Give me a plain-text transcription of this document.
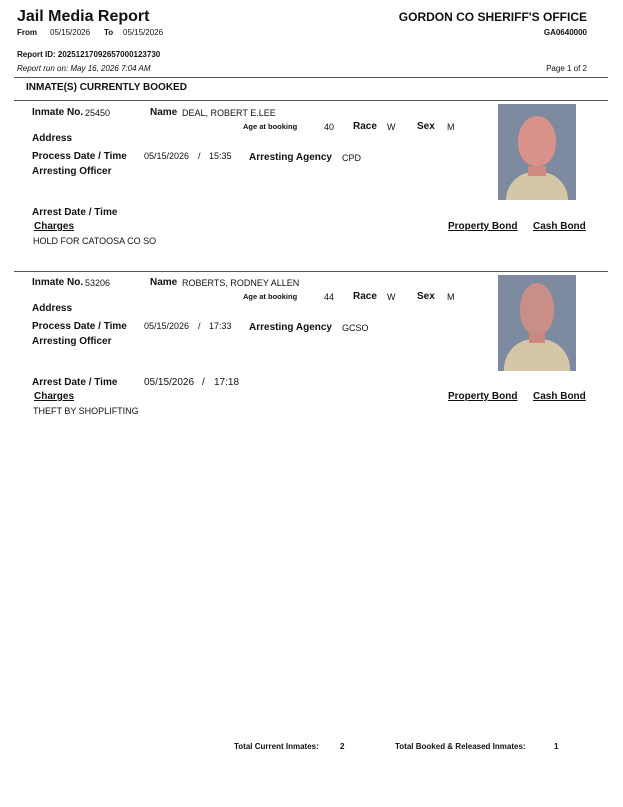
Jail Media Report
From 05/15/2026 To 05/15/2026
GORDON CO SHERIFF'S OFFICE
GA0640000
Report ID: 20251217092657000123730
Report run on: May 16, 2026 7:04 AM	Page 1 of 2
INMATE(S) CURRENTLY BOOKED
Inmate No. 25450	Name DEAL, ROBERT E.LEE
Age at booking	40 Race W Sex M
Address
Process Date / Time 05/15/2026 / 15:35 Arresting Agency CPD
Arresting Officer
Arrest Date / Time
Charges	Property Bond Cash Bond
HOLD FOR CATOOSA CO SO
Inmate No. 53206	Name ROBERTS, RODNEY ALLEN
Age at booking	44 Race W Sex M
Address
Process Date / Time 05/15/2026 / 17:33 Arresting Agency GCSO
Arresting Officer
Arrest Date / Time	05/15/2026 / 17:18
Charges	Property Bond Cash Bond
THEFT BY SHOPLIFTING
Total Current Inmates:	2	Total Booked & Released Inmates:	1
